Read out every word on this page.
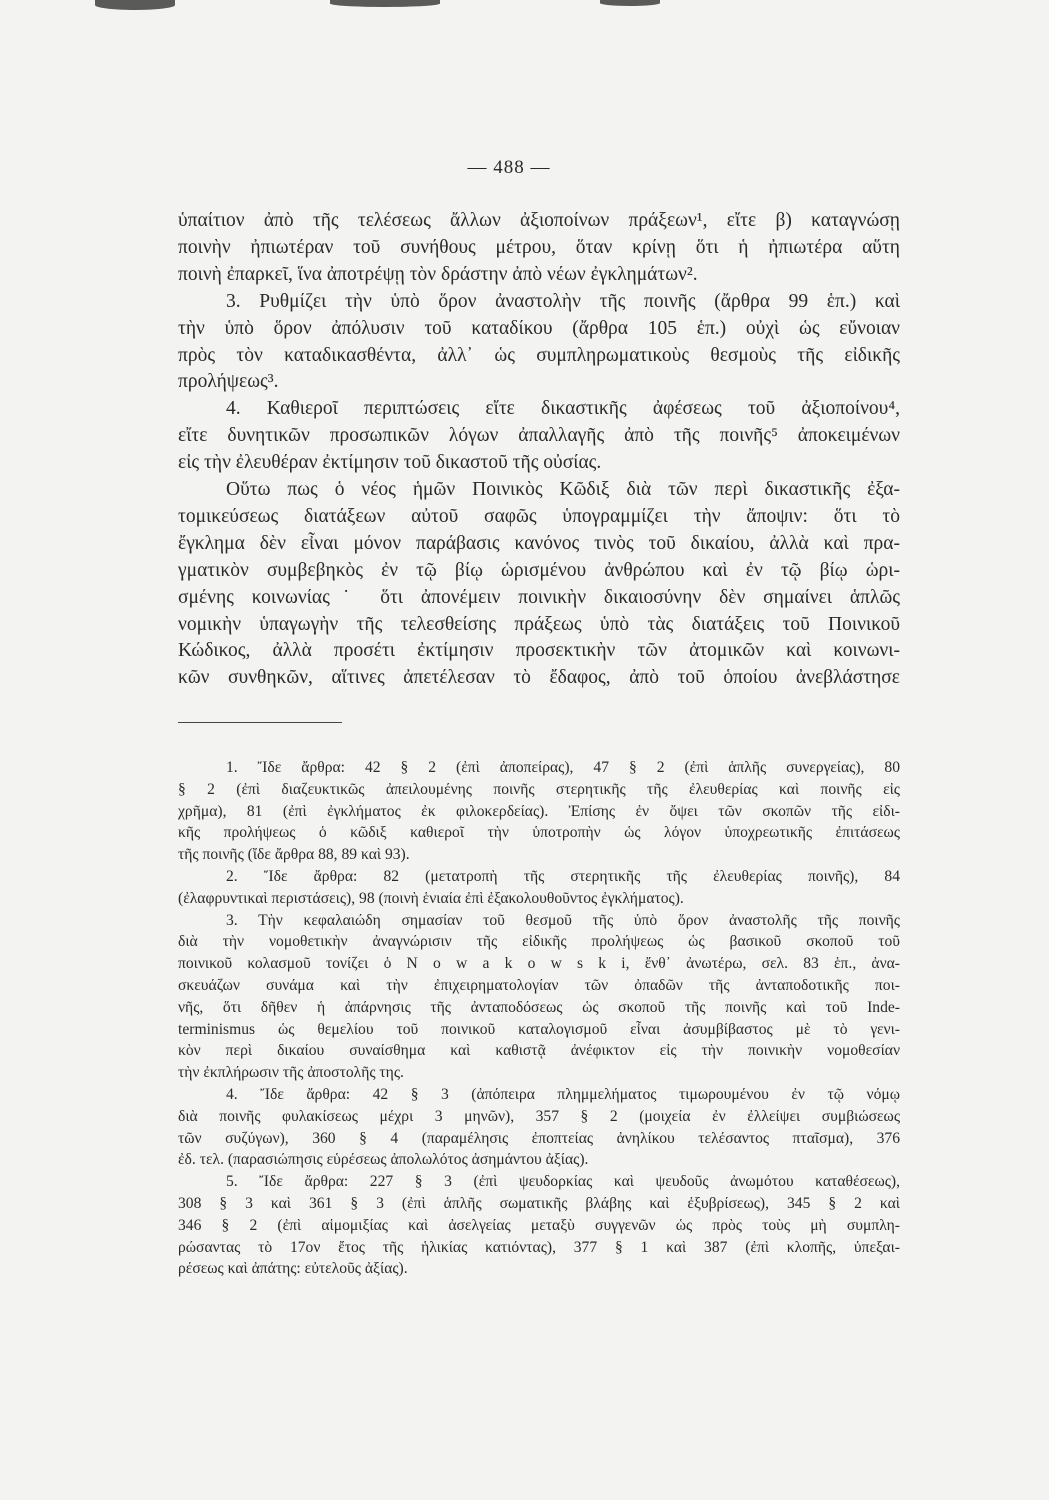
— 488 —
ὑπαίτιον ἀπὸ τῆς τελέσεως ἄλλων ἀξιοποίνων πράξεων¹, εἴτε β) καταγνώσῃ
ποινὴν ἠπιωτέραν τοῦ συνήθους μέτρου, ὅταν κρίνῃ ὅτι ἡ ἠπιωτέρα αὕτη
ποινὴ ἐπαρκεῖ, ἵνα ἀποτρέψῃ τὸν δράστην ἀπὸ νέων ἐγκλημάτων².
3. Ρυθμίζει τὴν ὑπὸ ὅρον ἀναστολὴν τῆς ποινῆς (ἄρθρα 99 ἑπ.) καὶ
τὴν ὑπὸ ὅρον ἀπόλυσιν τοῦ καταδίκου (ἄρθρα 105 ἑπ.) οὐχὶ ὡς εὔνοιαν
πρὸς τὸν καταδικασθέντα, ἀλλ᾽ ὡς συμπληρωματικοὺς θεσμοὺς τῆς εἰδικῆς
προλήψεως³.
4. Καθιεροῖ περιπτώσεις εἴτε δικαστικῆς ἀφέσεως τοῦ ἀξιοποίνου⁴,
εἴτε δυνητικῶν προσωπικῶν λόγων ἀπαλλαγῆς ἀπὸ τῆς ποινῆς⁵ ἀποκειμένων
εἰς τὴν ἐλευθέραν ἐκτίμησιν τοῦ δικαστοῦ τῆς οὐσίας.
Οὕτω πως ὁ νέος ἡμῶν Ποινικὸς Κῶδιξ διὰ τῶν περὶ δικαστικῆς ἐξα-
τομικεύσεως διατάξεων αὐτοῦ σαφῶς ὑπογραμμίζει τὴν ἄποψιν: ὅτι τὸ
ἔγκλημα δὲν εἶναι μόνον παράβασις κανόνος τινὸς τοῦ δικαίου, ἀλλὰ καὶ πρα-
γματικὸν συμβεβηκὸς ἐν τῷ βίῳ ὡρισμένου ἀνθρώπου καὶ ἐν τῷ βίῳ ὡρι-
σμένης κοινωνίας˙ ὅτι ἀπονέμειν ποινικὴν δικαιοσύνην δὲν σημαίνει ἁπλῶς
νομικὴν ὑπαγωγὴν τῆς τελεσθείσης πράξεως ὑπὸ τὰς διατάξεις τοῦ Ποινικοῦ
Κώδικος, ἀλλὰ προσέτι ἐκτίμησιν προσεκτικὴν τῶν ἀτομικῶν καὶ κοινωνι-
κῶν συνθηκῶν, αἵτινες ἀπετέλεσαν τὸ ἔδαφος, ἀπὸ τοῦ ὁποίου ἀνεβλάστησε
1. Ἴδε ἄρθρα: 42 § 2 (ἐπὶ ἀποπείρας), 47 § 2 (ἐπὶ ἁπλῆς συνεργείας), 80
§ 2 (ἐπὶ διαζευκτικῶς ἀπειλουμένης ποινῆς στερητικῆς τῆς ἐλευθερίας καὶ ποινῆς εἰς
χρῆμα), 81 (ἐπὶ ἐγκλήματος ἐκ φιλοκερδείας). Ἐπίσης ἐν ὄψει τῶν σκοπῶν τῆς εἰδι-
κῆς προλήψεως ὁ κῶδιξ καθιεροῖ τὴν ὑποτροπὴν ὡς λόγον ὑποχρεωτικῆς ἐπιτάσεως
τῆς ποινῆς (ἴδε ἄρθρα 88, 89 καὶ 93).
2. Ἴδε ἄρθρα: 82 (μετατροπὴ τῆς στερητικῆς τῆς ἐλευθερίας ποινῆς), 84
(ἐλαφρυντικαὶ περιστάσεις), 98 (ποινὴ ἑνιαία ἐπὶ ἐξακολουθοῦντος ἐγκλήματος).
3. Τὴν κεφαλαιώδη σημασίαν τοῦ θεσμοῦ τῆς ὑπὸ ὅρον ἀναστολῆς τῆς ποινῆς
διὰ τὴν νομοθετικὴν ἀναγνώρισιν τῆς εἰδικῆς προλήψεως ὡς βασικοῦ σκοποῦ τοῦ
ποινικοῦ κολασμοῦ τονίζει ὁ N o w a k o w s k i, ἔνθ᾽ ἀνωτέρω, σελ. 83 ἑπ., ἀνα-
σκευάζων συνάμα καὶ τὴν ἐπιχειρηματολογίαν τῶν ὀπαδῶν τῆς ἀνταποδοτικῆς ποι-
νῆς, ὅτι δῆθεν ἡ ἀπάρνησις τῆς ἀνταποδόσεως ὡς σκοποῦ τῆς ποινῆς καὶ τοῦ Inde-
terminismus ὡς θεμελίου τοῦ ποινικοῦ καταλογισμοῦ εἶναι ἀσυμβίβαστος μὲ τὸ γενι-
κὸν περὶ δικαίου συναίσθημα καὶ καθιστᾷ ἀνέφικτον εἰς τὴν ποινικὴν νομοθεσίαν
τὴν ἐκπλήρωσιν τῆς ἀποστολῆς της.
4. Ἴδε ἄρθρα: 42 § 3 (ἀπόπειρα πλημμελήματος τιμωρουμένου ἐν τῷ νόμῳ
διὰ ποινῆς φυλακίσεως μέχρι 3 μηνῶν), 357 § 2 (μοιχεία ἐν ἐλλείψει συμβιώσεως
τῶν συζύγων), 360 § 4 (παραμέλησις ἐποπτείας ἀνηλίκου τελέσαντος πταῖσμα), 376
ἐδ. τελ. (παρασιώπησις εὑρέσεως ἀπολωλότος ἀσημάντου ἀξίας).
5. Ἴδε ἄρθρα: 227 § 3 (ἐπὶ ψευδορκίας καὶ ψευδοῦς ἀνωμότου καταθέσεως),
308 § 3 καὶ 361 § 3 (ἐπὶ ἁπλῆς σωματικῆς βλάβης καὶ ἐξυβρίσεως), 345 § 2 καὶ
346 § 2 (ἐπὶ αἱμομιξίας καὶ ἀσελγείας μεταξὺ συγγενῶν ὡς πρὸς τοὺς μὴ συμπλη-
ρώσαντας τὸ 17ον ἔτος τῆς ἡλικίας κατιόντας), 377 § 1 καὶ 387 (ἐπὶ κλοπῆς, ὑπεξαι-
ρέσεως καὶ ἀπάτης: εὐτελοῦς ἀξίας).
